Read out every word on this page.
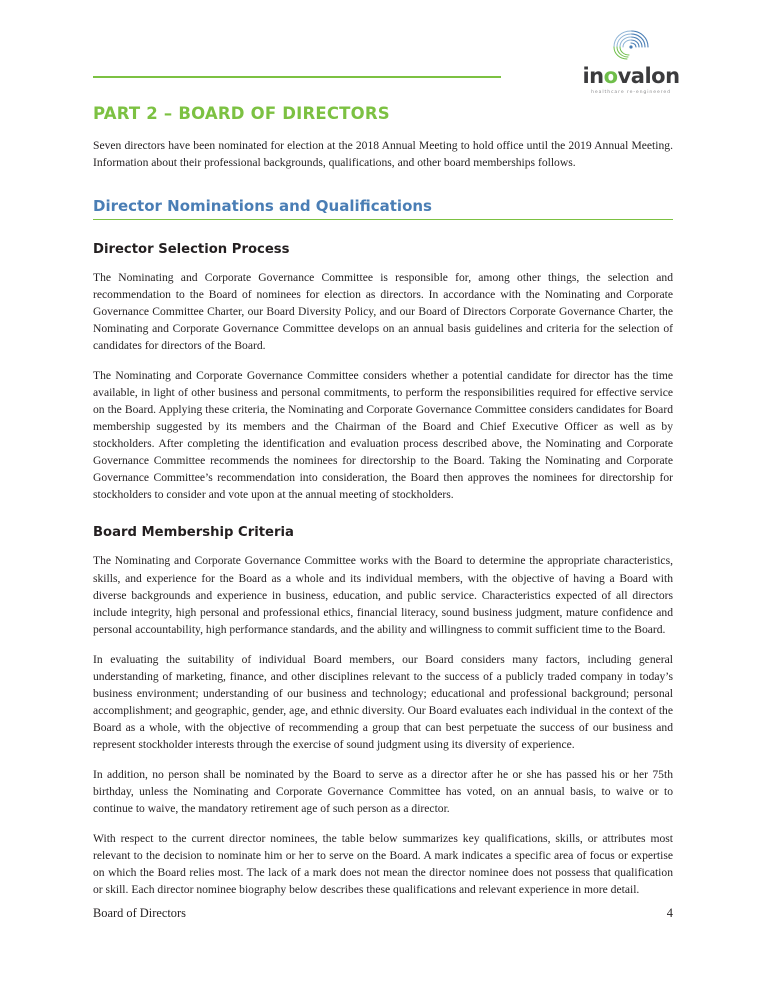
inovalon
healthcare re-engineered
PART 2 – BOARD OF DIRECTORS

Seven directors have been nominated for election at the 2018 Annual Meeting to hold office until the 2019 Annual Meeting. Information about their professional backgrounds, qualifications, and other board memberships follows.

Director Nominations and Qualifications
Director Selection Process

The Nominating and Corporate Governance Committee is responsible for, among other things, the selection and recommendation to the Board of nominees for election as directors. In accordance with the Nominating and Corporate Governance Committee Charter, our Board Diversity Policy, and our Board of Directors Corporate Governance Charter, the Nominating and Corporate Governance Committee develops on an annual basis guidelines and criteria for the selection of candidates for directors of the Board.

The Nominating and Corporate Governance Committee considers whether a potential candidate for director has the time available, in light of other business and personal commitments, to perform the responsibilities required for effective service on the Board. Applying these criteria, the Nominating and Corporate Governance Committee considers candidates for Board membership suggested by its members and the Chairman of the Board and Chief Executive Officer as well as by stockholders. After completing the identification and evaluation process described above, the Nominating and Corporate Governance Committee recommends the nominees for directorship to the Board. Taking the Nominating and Corporate Governance Committee’s recommendation into consideration, the Board then approves the nominees for directorship for stockholders to consider and vote upon at the annual meeting of stockholders.

Board Membership Criteria

The Nominating and Corporate Governance Committee works with the Board to determine the appropriate characteristics, skills, and experience for the Board as a whole and its individual members, with the objective of having a Board with diverse backgrounds and experience in business, education, and public service. Characteristics expected of all directors include integrity, high personal and professional ethics, financial literacy, sound business judgment, mature confidence and personal accountability, high performance standards, and the ability and willingness to commit sufficient time to the Board.

In evaluating the suitability of individual Board members, our Board considers many factors, including general understanding of marketing, finance, and other disciplines relevant to the success of a publicly traded company in today’s business environment; understanding of our business and technology; educational and professional background; personal accomplishment; and geographic, gender, age, and ethnic diversity. Our Board evaluates each individual in the context of the Board as a whole, with the objective of recommending a group that can best perpetuate the success of our business and represent stockholder interests through the exercise of sound judgment using its diversity of experience.

In addition, no person shall be nominated by the Board to serve as a director after he or she has passed his or her 75th birthday, unless the Nominating and Corporate Governance Committee has voted, on an annual basis, to waive or to continue to waive, the mandatory retirement age of such person as a director.

With respect to the current director nominees, the table below summarizes key qualifications, skills, or attributes most relevant to the decision to nominate him or her to serve on the Board. A mark indicates a specific area of focus or expertise on which the Board relies most. The lack of a mark does not mean the director nominee does not possess that qualification or skill. Each director nominee biography below describes these qualifications and relevant experience in more detail.

Board of Directors	4
